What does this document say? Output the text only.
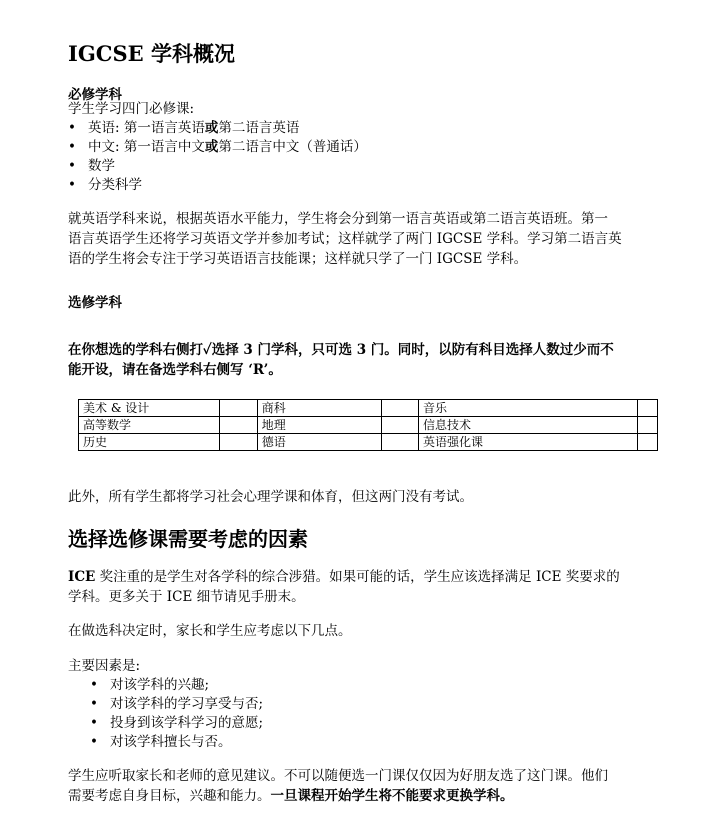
IGCSE 学科概况
必修学科
学生学习四门必修课:
• 英语: 第一语言英语或第二语言英语
• 中文: 第一语言中文或第二语言中文（普通话）
• 数学
• 分类科学
就英语学科来说，根据英语水平能力，学生将会分到第一语言英语或第二语言英语班。第一
语言英语学生还将学习英语文学并参加考试；这样就学了两门 IGCSE 学科。学习第二语言英
语的学生将会专注于学习英语语言技能课；这样就只学了一门 IGCSE 学科。
选修学科
在你想选的学科右侧打✓选择 3 门学科，只可选 3 门。同时，以防有科目选择人数过少而不
能开设，请在备选学科右侧写 ‘R’。
美术 & 设计		商科		音乐	
高等数学		地理		信息技术	
历史		德语		英语强化课	
此外，所有学生都将学习社会心理学课和体育，但这两门没有考试。
选择选修课需要考虑的因素
ICE 奖注重的是学生对各学科的综合涉猎。如果可能的话，学生应该选择满足 ICE 奖要求的
学科。更多关于 ICE 细节请见手册末。
在做选科决定时，家长和学生应考虑以下几点。
主要因素是:
• 对该学科的兴趣;
• 对该学科的学习享受与否;
• 投身到该学科学习的意愿;
• 对该学科擅长与否。
学生应听取家长和老师的意见建议。不可以随便选一门课仅仅因为好朋友选了这门课。他们
需要考虑自身目标，兴趣和能力。一旦课程开始学生将不能要求更换学科。
